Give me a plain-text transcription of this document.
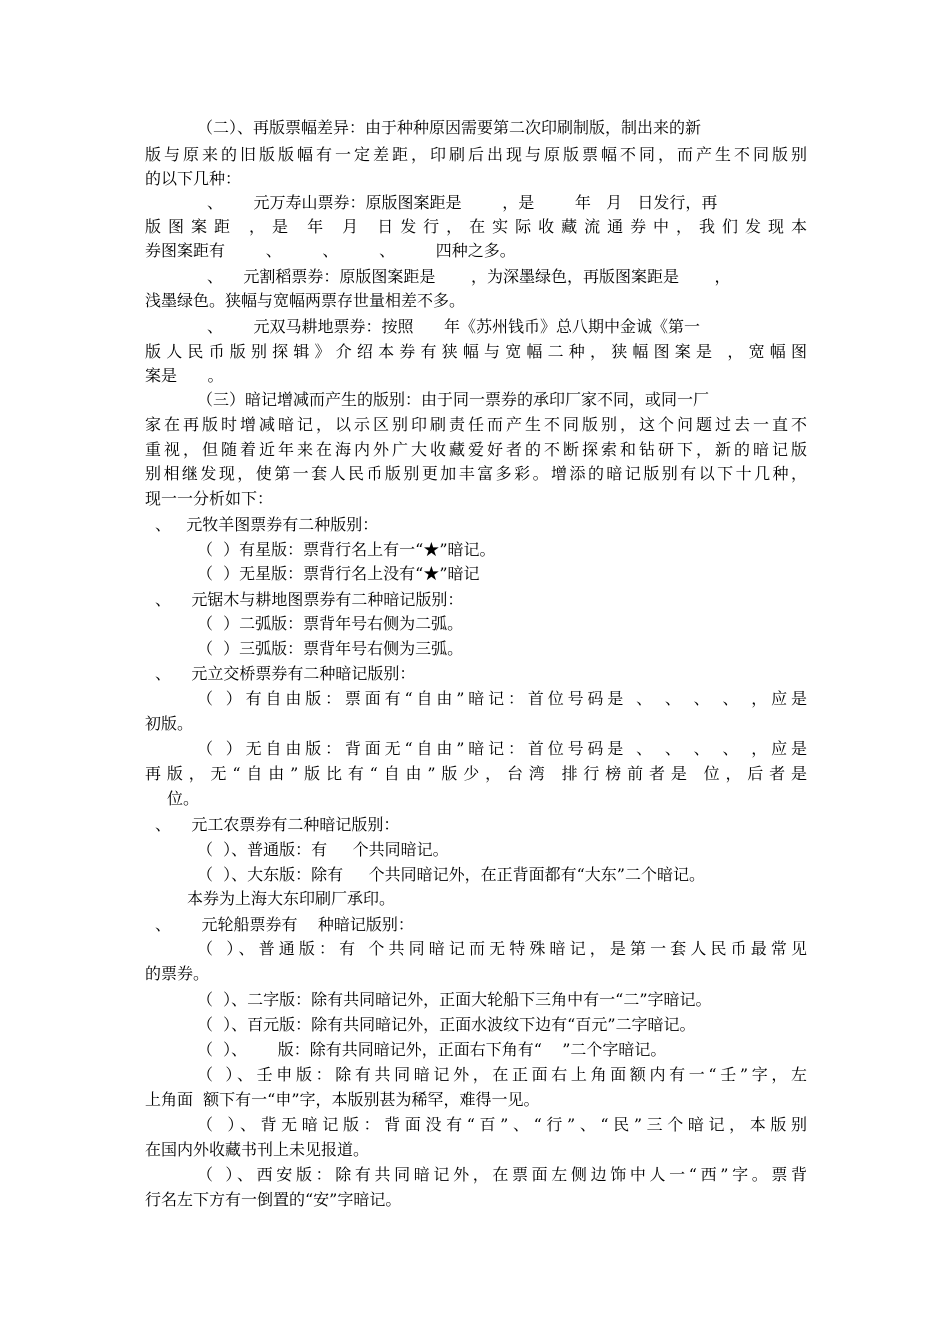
（二）、再版票幅差异：由于种种原因需要第二次印刷制版，制出来的新
版与原来的旧版版幅有一定差距，印刷后出现与原版票幅不同，而产生不同版别
的以下几种：
、      元万寿山票券：原版图案距是        ，是        年   月   日发行，再
版图案距 ，是 年 月 日发行，在实际收藏流通券中，我们发现本
券图案距有        、        、        、        四种之多。
、    元割稻票券：原版图案距是       ，为深墨绿色，再版图案距是       ，
浅墨绿色。狭幅与宽幅两票存世量相差不多。
、      元双马耕地票券：按照      年《苏州钱币》总八期中金诚《第一
版人民币版别探辑》介绍本券有狭幅与宽幅二种，狭幅图案是 ，宽幅图
案是      。
（三）暗记增减而产生的版别：由于同一票券的承印厂家不同，或同一厂
家在再版时增减暗记，以示区别印刷责任而产生不同版别，这个问题过去一直不
重视，但随着近年来在海内外广大收藏爱好者的不断探索和钻研下，新的暗记版
别相继发现，使第一套人民币版别更加丰富多彩。增添的暗记版别有以下十几种，
现一一分析如下：
、   元牧羊图票券有二种版别：
（  ）有星版：票背行名上有一“★”暗记。
（  ）无星版：票背行名上没有“★”暗记
、    元锯木与耕地图票券有二种暗记版别：
（  ）二弧版：票背年号右侧为二弧。
（  ）三弧版：票背年号右侧为三弧。
、    元立交桥票券有二种暗记版别：
（ ）有自由版：票面有“自由”暗记：首位号码是 、 、 、 、 ，应是
初版。
（ ）无自由版：背面无“自由”暗记：首位号码是 、 、 、 、 ，应是
再版，无“自由”版比有“自由”版少，台湾 排行榜前者是 位，后者是
位。
、    元工农票券有二种暗记版别：
（  ）、普通版：有     个共同暗记。
（  ）、大东版：除有     个共同暗记外，在正背面都有“大东”二个暗记。
本券为上海大东印刷厂承印。
、      元轮船票券有    种暗记版别：
（ ）、普通版：有 个共同暗记而无特殊暗记，是第一套人民币最常见
的票券。
（  ）、二字版：除有共同暗记外，正面大轮船下三角中有一“二”字暗记。
（  ）、百元版：除有共同暗记外，正面水波纹下边有“百元”二字暗记。
（  ）、      版：除有共同暗记外，正面右下角有“    ”二个字暗记。
（ ）、壬申版：除有共同暗记外，在正面右上角面额内有一“壬”字，左
上角面  额下有一“申”字，本版别甚为稀罕，难得一见。
（ ）、背无暗记版：背面没有“百”、“行”、“民”三个暗记，本版别
在国内外收藏书刊上未见报道。
（ ）、西安版：除有共同暗记外，在票面左侧边饰中人一“西”字。票背
行名左下方有一倒置的“安”字暗记。
